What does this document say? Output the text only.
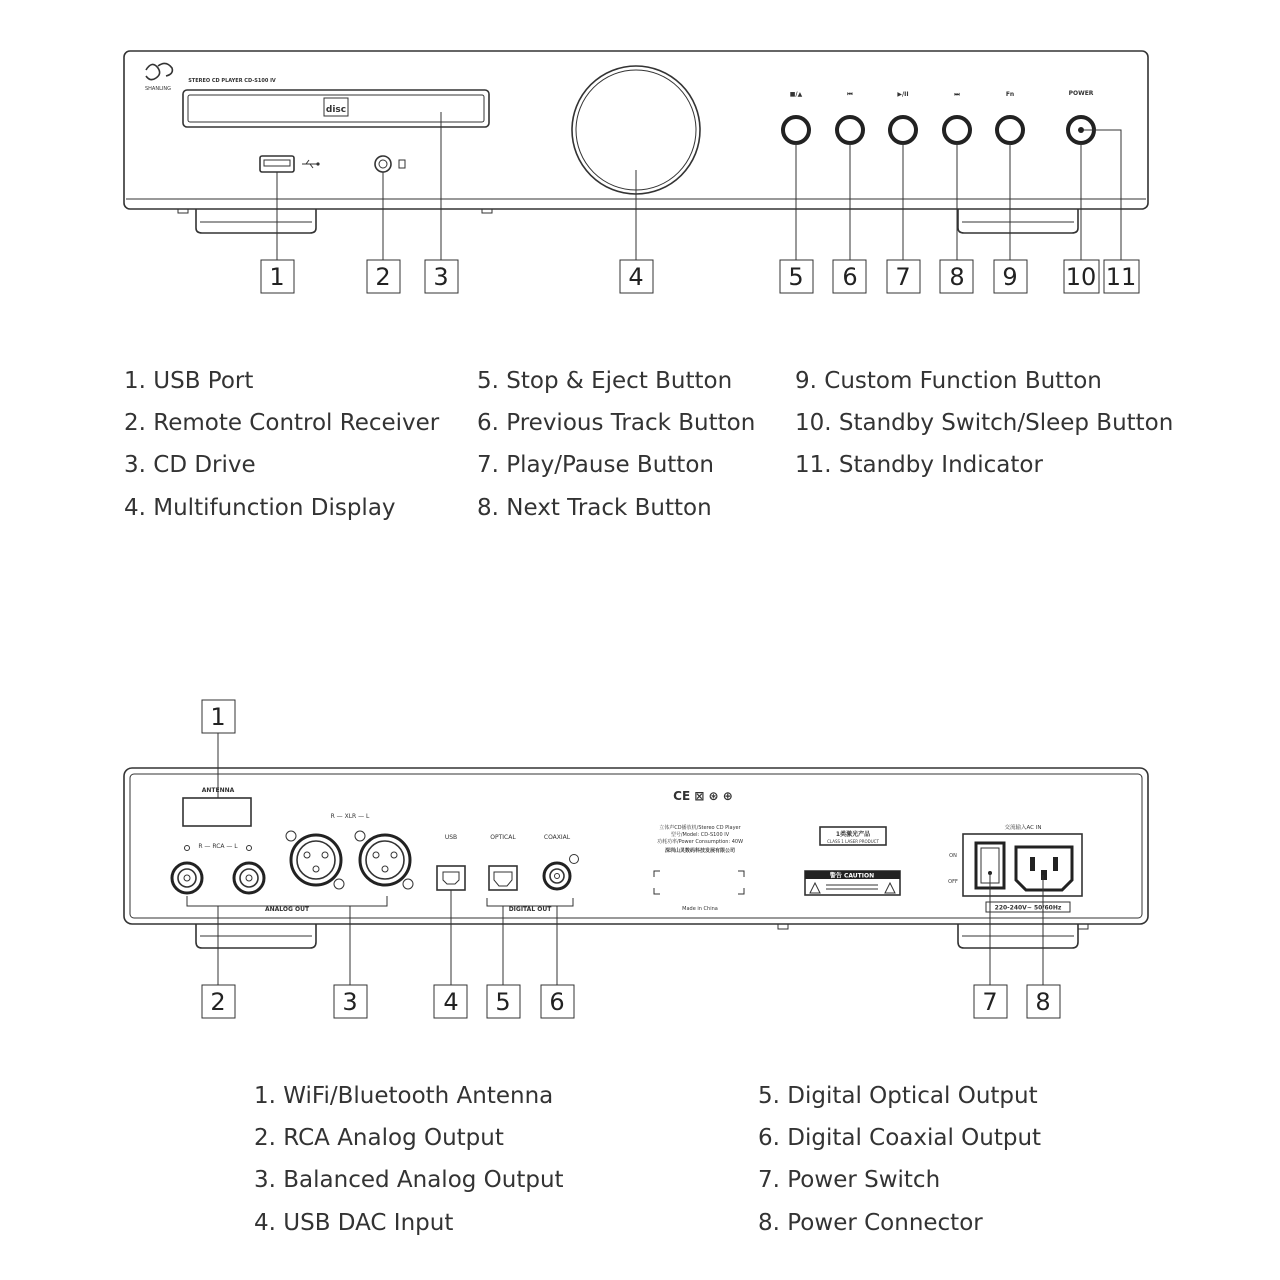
SHANLING
STEREO CD PLAYER CD-S100 IV
disc
■/▲	⏮	▶/II	⏭	Fn	POWER
1	2 3	4	5 6 7 8 9 10 11
1. USB Port
2. Remote Control Receiver
3. CD Drive
4. Multifunction Display
5. Stop & Eject Button
6. Previous Track Button
7. Play/Pause Button
8. Next Track Button
9. Custom Function Button
10. Standby Switch/Sleep Button
11. Standby Indicator
ANTENNA
R — RCA — L
R — XLR — L
ANALOG OUT
USB	OPTICAL	COAXIAL
DIGITAL OUT
CE ⊠ ⊛ ⊕
立体声CD播放机/Stereo CD Player
型号/Model: CD-S100 IV
功耗功率/Power Consumption: 40W
深圳山灵数码科技发展有限公司
Made in China
1类激光产品
CLASS 1 LASER PRODUCT
警告 CAUTION
交流输入AC IN
ON
OFF
220-240V~ 50/60Hz
1
2	3	4 5 6	7 8
1. WiFi/Bluetooth Antenna
2. RCA Analog Output
3. Balanced Analog Output
4. USB DAC Input
5. Digital Optical Output
6. Digital Coaxial Output
7. Power Switch
8. Power Connector
